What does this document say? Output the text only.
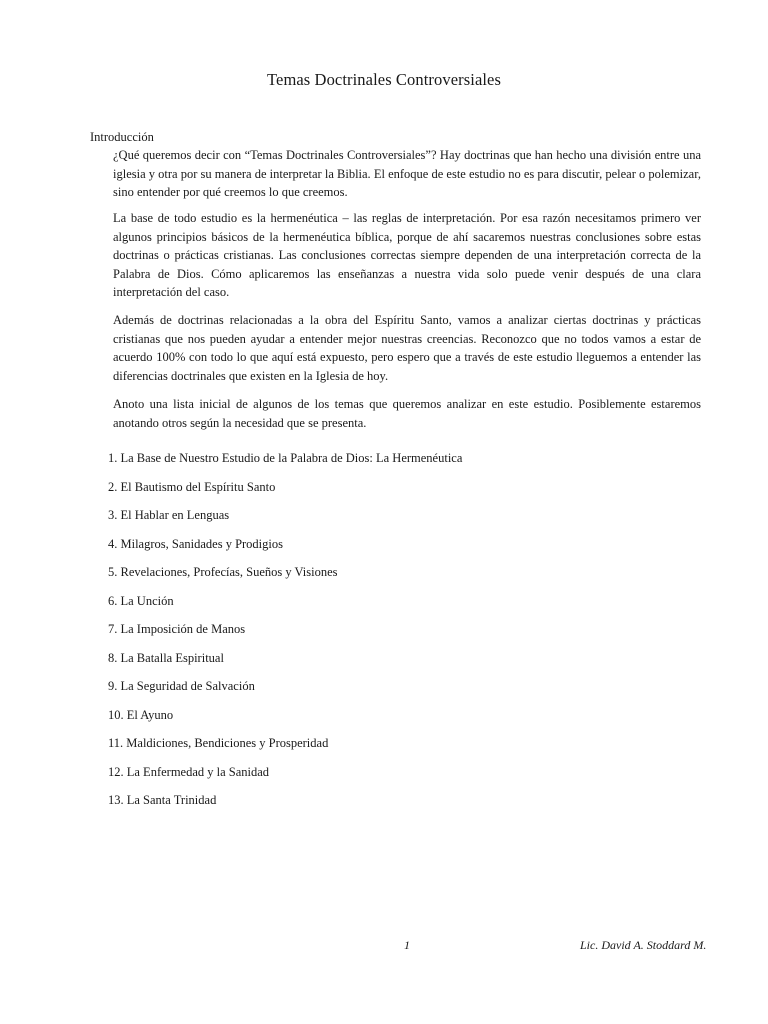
Temas Doctrinales Controversiales
Introducción

¿Qué queremos decir con “Temas Doctrinales Controversiales”? Hay doctrinas que han hecho una división entre una iglesia y otra por su manera de interpretar la Biblia. El enfoque de este estudio no es para discutir, pelear o polemizar, sino entender por qué creemos lo que creemos.

La base de todo estudio es la hermenéutica – las reglas de interpretación. Por esa razón necesitamos primero ver algunos principios básicos de la hermenéutica bíblica, porque de ahí sacaremos nuestras conclusiones sobre estas doctrinas o prácticas cristianas. Las conclusiones correctas siempre dependen de una interpretación correcta de la Palabra de Dios. Cómo aplicaremos las enseñanzas a nuestra vida solo puede venir después de una clara interpretación del caso.

Además de doctrinas relacionadas a la obra del Espíritu Santo, vamos a analizar ciertas doctrinas y prácticas cristianas que nos pueden ayudar a entender mejor nuestras creencias. Reconozco que no todos vamos a estar de acuerdo 100% con todo lo que aquí está expuesto, pero espero que a través de este estudio lleguemos a entender las diferencias doctrinales que existen en la Iglesia de hoy.

Anoto una lista inicial de algunos de los temas que queremos analizar en este estudio. Posiblemente estaremos anotando otros según la necesidad que se presenta.

1. La Base de Nuestro Estudio de la Palabra de Dios: La Hermenéutica
2. El Bautismo del Espíritu Santo
3. El Hablar en Lenguas
4. Milagros, Sanidades y Prodigios
5. Revelaciones, Profecías, Sueños y Visiones
6. La Unción
7. La Imposición de Manos
8. La Batalla Espiritual
9. La Seguridad de Salvación
10. El Ayuno
11. Maldiciones, Bendiciones y Prosperidad
12. La Enfermedad y la Sanidad
13. La Santa Trinidad
1	Lic. David A. Stoddard M.
